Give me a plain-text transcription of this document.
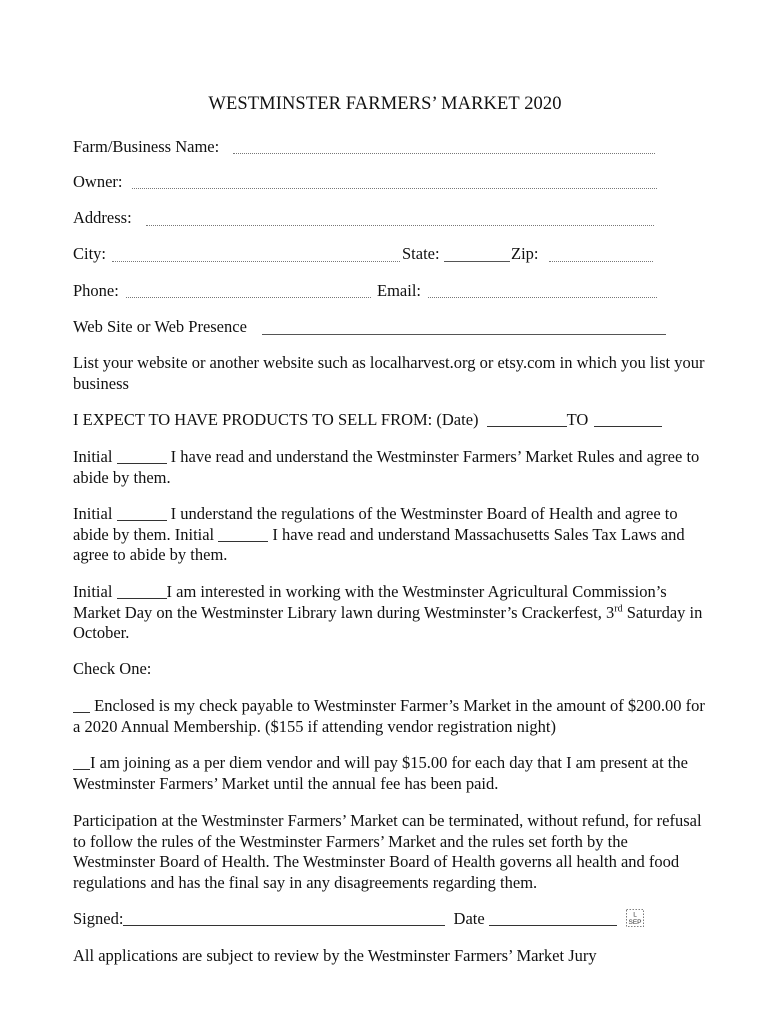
WESTMINSTER FARMERS’ MARKET 2020
Farm/Business Name:
Owner:
Address:
City:	State:	Zip:
Phone:	Email:
Web Site or Web Presence
List your website or another website such as localharvest.org or etsy.com in which you list your business
I EXPECT TO HAVE PRODUCTS TO SELL FROM: (Date)	TO
Initial	I have read and understand the Westminster Farmers’ Market Rules and agree to abide by them.
Initial	I understand the regulations of the Westminster Board of Health and agree to abide by them. Initial	I have read and understand Massachusetts Sales Tax Laws and agree to abide by them.
Initial	I am interested in working with the Westminster Agricultural Commission’s Market Day on the Westminster Library lawn during Westminster’s Crackerfest, 3rd Saturday in October.
Check One:
Enclosed is my check payable to Westminster Farmer’s Market in the amount of $200.00 for a 2020 Annual Membership. ($155 if attending vendor registration night)
I am joining as a per diem vendor and will pay $15.00 for each day that I am present at the Westminster Farmers’ Market until the annual fee has been paid.
Participation at the Westminster Farmers’ Market can be terminated, without refund, for refusal to follow the rules of the Westminster Farmers’ Market and the rules set forth by the Westminster Board of Health. The Westminster Board of Health governs all health and food regulations and has the final say in any disagreements regarding them.
Signed:	Date	L
SEP
All applications are subject to review by the Westminster Farmers’ Market Jury
